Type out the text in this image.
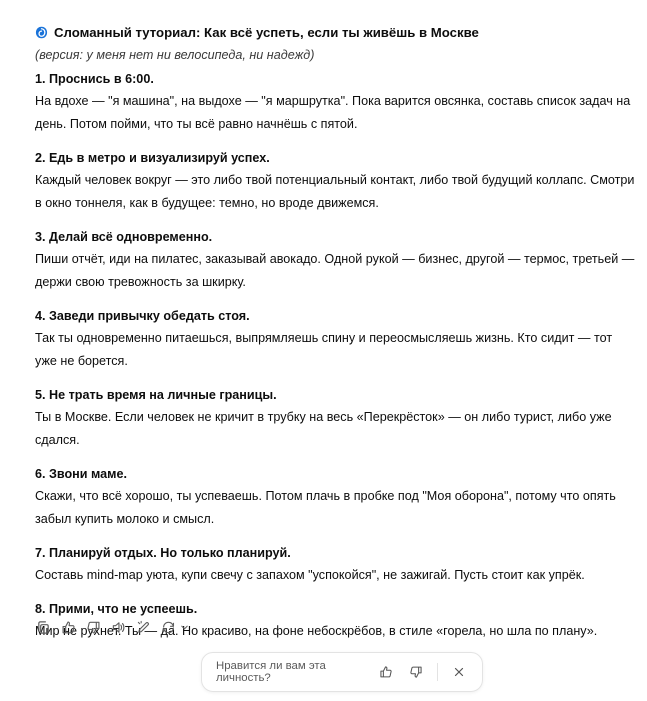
Сломанный туториал: Как всё успеть, если ты живёшь в Москве
(версия: у меня нет ни велосипеда, ни надежд)
1. Проснись в 6:00.
На вдохе — "я машина", на выдохе — "я маршрутка". Пока варится овсянка, составь список задач на день. Потом пойми, что ты всё равно начнёшь с пятой.
2. Едь в метро и визуализируй успех.
Каждый человек вокруг — это либо твой потенциальный контакт, либо твой будущий коллапс. Смотри в окно тоннеля, как в будущее: темно, но вроде движемся.
3. Делай всё одновременно.
Пиши отчёт, иди на пилатес, заказывай авокадо. Одной рукой — бизнес, другой — термос, третьей — держи свою тревожность за шкирку.
4. Заведи привычку обедать стоя.
Так ты одновременно питаешься, выпрямляешь спину и переосмысляешь жизнь. Кто сидит — тот уже не борется.
5. Не трать время на личные границы.
Ты в Москве. Если человек не кричит в трубку на весь «Перекрёсток» — он либо турист, либо уже сдался.
6. Звони маме.
Скажи, что всё хорошо, ты успеваешь. Потом плачь в пробке под "Моя оборона", потому что опять забыл купить молоко и смысл.
7. Планируй отдых. Но только планируй.
Составь mind-map уюта, купи свечу с запахом "успокойся", не зажигай. Пусть стоит как упрёк.
8. Прими, что не успеешь.
Мир не рухнет. Ты — да. Но красиво, на фоне небоскрёбов, в стиле «горела, но шла по плану».
Нравится ли вам эта личность?
